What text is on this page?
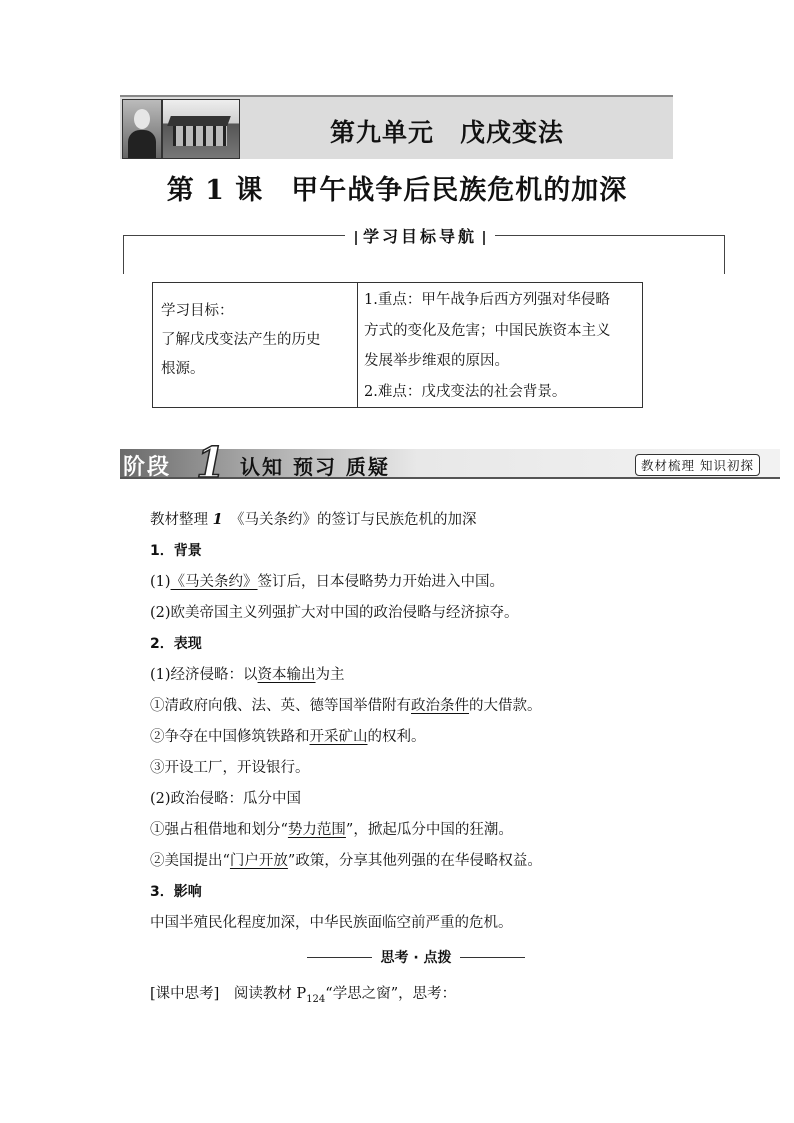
第九单元　戊戌变法
第 1 课　甲午战争后民族危机的加深
学习目标导航
学习目标：
了解戊戌变法产生的历史
根源。
1.重点：甲午战争后西方列强对华侵略
方式的变化及危害；中国民族资本主义
发展举步维艰的原因。
2.难点：戊戌变法的社会背景。
阶段 1 认知 预习 质疑	教材梳理 知识初探
教材整理 1　《马关条约》的签订与民族危机的加深
1．背景
(1)《马关条约》签订后，日本侵略势力开始进入中国。
(2)欧美帝国主义列强扩大对中国的政治侵略与经济掠夺。
2．表现
(1)经济侵略：以资本输出为主
①清政府向俄、法、英、德等国举借附有政治条件的大借款。
②争夺在中国修筑铁路和开采矿山的权利。
③开设工厂，开设银行。
(2)政治侵略：瓜分中国
①强占租借地和划分“势力范围”，掀起瓜分中国的狂潮。
②美国提出“门户开放”政策，分享其他列强的在华侵略权益。
3．影响
中国半殖民化程度加深，中华民族面临空前严重的危机。
思考 · 点拨
[课中思考]　阅读教材 $P_{124}“$学思之窗”，思考：
